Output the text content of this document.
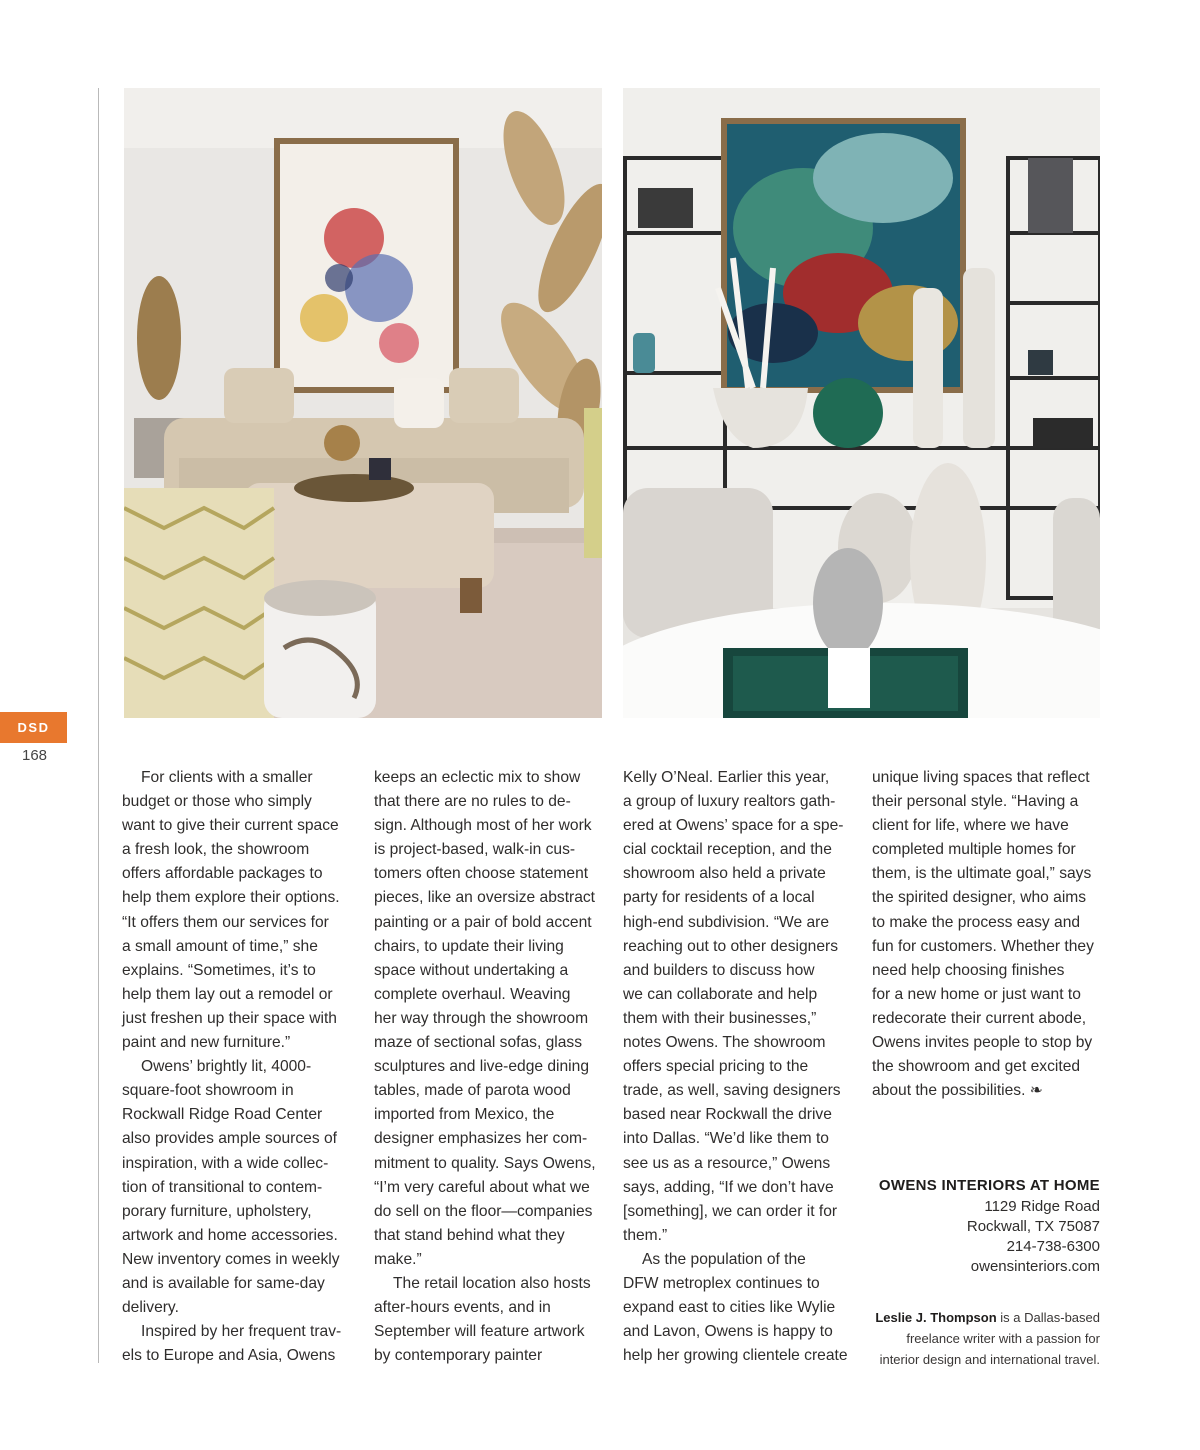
DSD
168

For clients with a smaller
budget or those who simply
want to give their current space
a fresh look, the showroom
offers affordable packages to
help them explore their options.
“It offers them our services for
a small amount of time,” she
explains. “Sometimes, it’s to
help them lay out a remodel or
just freshen up their space with
paint and new furniture.”

Owens’ brightly lit, 4000-
square-foot showroom in
Rockwall Ridge Road Center
also provides ample sources of
inspiration, with a wide collec-
tion of transitional to contem-
porary furniture, upholstery,
artwork and home accessories.
New inventory comes in weekly
and is available for same-day
delivery.

Inspired by her frequent trav-
els to Europe and Asia, Owens

keeps an eclectic mix to show
that there are no rules to de-
sign. Although most of her work
is project-based, walk-in cus-
tomers often choose statement
pieces, like an oversize abstract
painting or a pair of bold accent
chairs, to update their living
space without undertaking a
complete overhaul. Weaving
her way through the showroom
maze of sectional sofas, glass
sculptures and live-edge dining
tables, made of parota wood
imported from Mexico, the
designer emphasizes her com-
mitment to quality. Says Owens,
“I’m very careful about what we
do sell on the floor—companies
that stand behind what they
make.”

The retail location also hosts
after-hours events, and in
September will feature artwork
by contemporary painter

Kelly O’Neal. Earlier this year,
a group of luxury realtors gath-
ered at Owens’ space for a spe-
cial cocktail reception, and the
showroom also held a private
party for residents of a local
high-end subdivision. “We are
reaching out to other designers
and builders to discuss how
we can collaborate and help
them with their businesses,”
notes Owens. The showroom
offers special pricing to the
trade, as well, saving designers
based near Rockwall the drive
into Dallas. “We’d like them to
see us as a resource,” Owens
says, adding, “If we don’t have
[something], we can order it for
them.”

As the population of the
DFW metroplex continues to
expand east to cities like Wylie
and Lavon, Owens is happy to
help her growing clientele create

unique living spaces that reflect
their personal style. “Having a
client for life, where we have
completed multiple homes for
them, is the ultimate goal,” says
the spirited designer, who aims
to make the process easy and
fun for customers. Whether they
need help choosing finishes
for a new home or just want to
redecorate their current abode,
Owens invites people to stop by
the showroom and get excited
about the possibilities. ❧

OWENS INTERIORS AT HOME
1129 Ridge Road
Rockwall, TX 75087
214-738-6300
owensinteriors.com
Leslie J. Thompson is a Dallas-based
freelance writer with a passion for
interior design and international travel.
